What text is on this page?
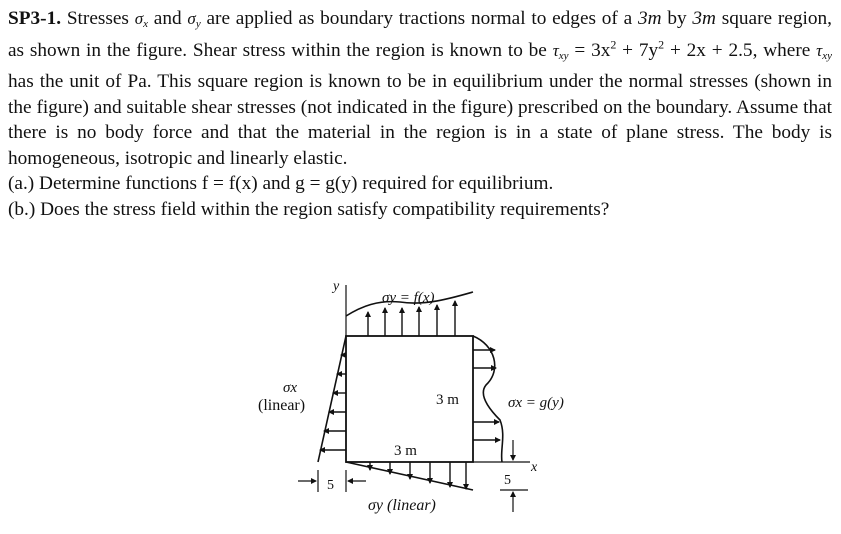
SP3-1. Stresses $\sigma_x$ and $\sigma_y$ are applied as boundary tractions normal to edges of a 3m by 3m square region, as shown in the figure. Shear stress within the region is known to be $\tau_{xy} = 3x^2 + 7y^2 + 2x + 2.5$, where $\tau_{xy}$ has the unit of Pa. This square region is known to be in equilibrium under the normal stresses (shown in the figure) and suitable shear stresses (not indicated in the figure) prescribed on the boundary. Assume that there is no body force and that the material in the region is in a state of plane stress. The body is homogeneous, isotropic and linearly elastic.

(a.) Determine functions f = f(x) and g = g(y) required for equilibrium.

(b.) Does the stress field within the region satisfy compatibility requirements?

y
σy = f(x)
σx
(linear)
5
3 m	σx = g(y)
3 m
σy (linear)
x
5
